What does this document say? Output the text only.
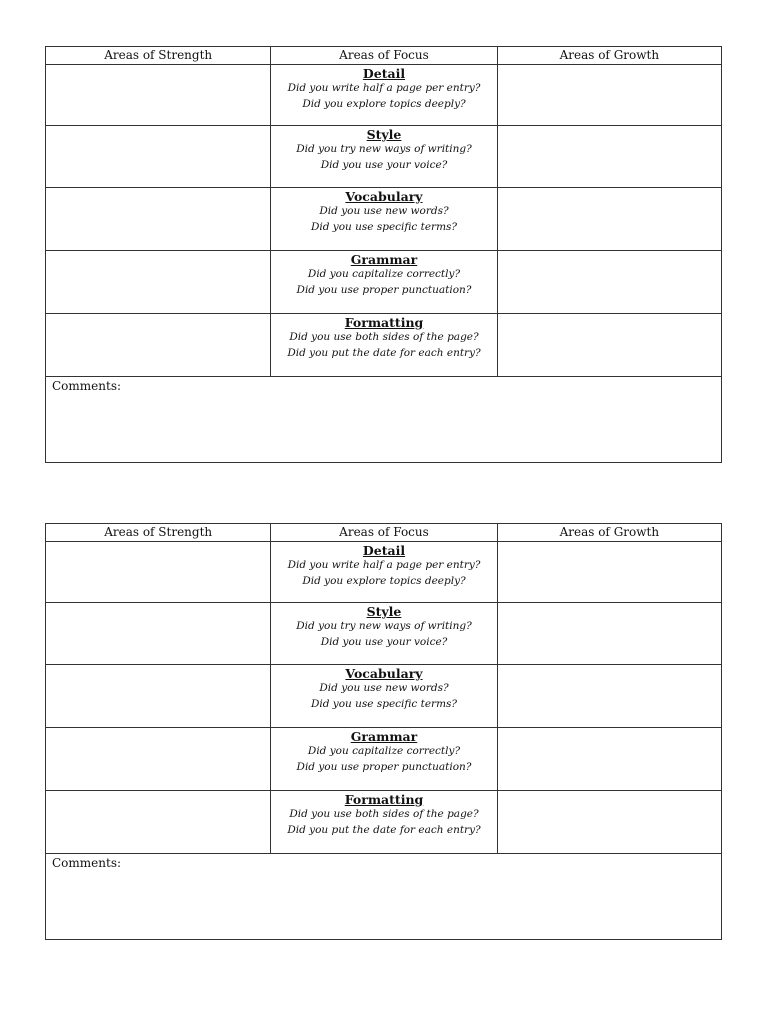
Areas of Strength	Areas of Focus	Areas of Growth

	Detail
Did you write half a page per entry?
Did you explore topics deeply?	

	Style
Did you try new ways of writing?
Did you use your voice?	

	Vocabulary
Did you use new words?
Did you use specific terms?	

	Grammar
Did you capitalize correctly?
Did you use proper punctuation?	

	Formatting
Did you use both sides of the page?
Did you put the date for each entry?	

Comments:		
Areas of Strength	Areas of Focus	Areas of Growth

	Detail
Did you write half a page per entry?
Did you explore topics deeply?	

	Style
Did you try new ways of writing?
Did you use your voice?	

	Vocabulary
Did you use new words?
Did you use specific terms?	

	Grammar
Did you capitalize correctly?
Did you use proper punctuation?	

	Formatting
Did you use both sides of the page?
Did you put the date for each entry?	

Comments:		
